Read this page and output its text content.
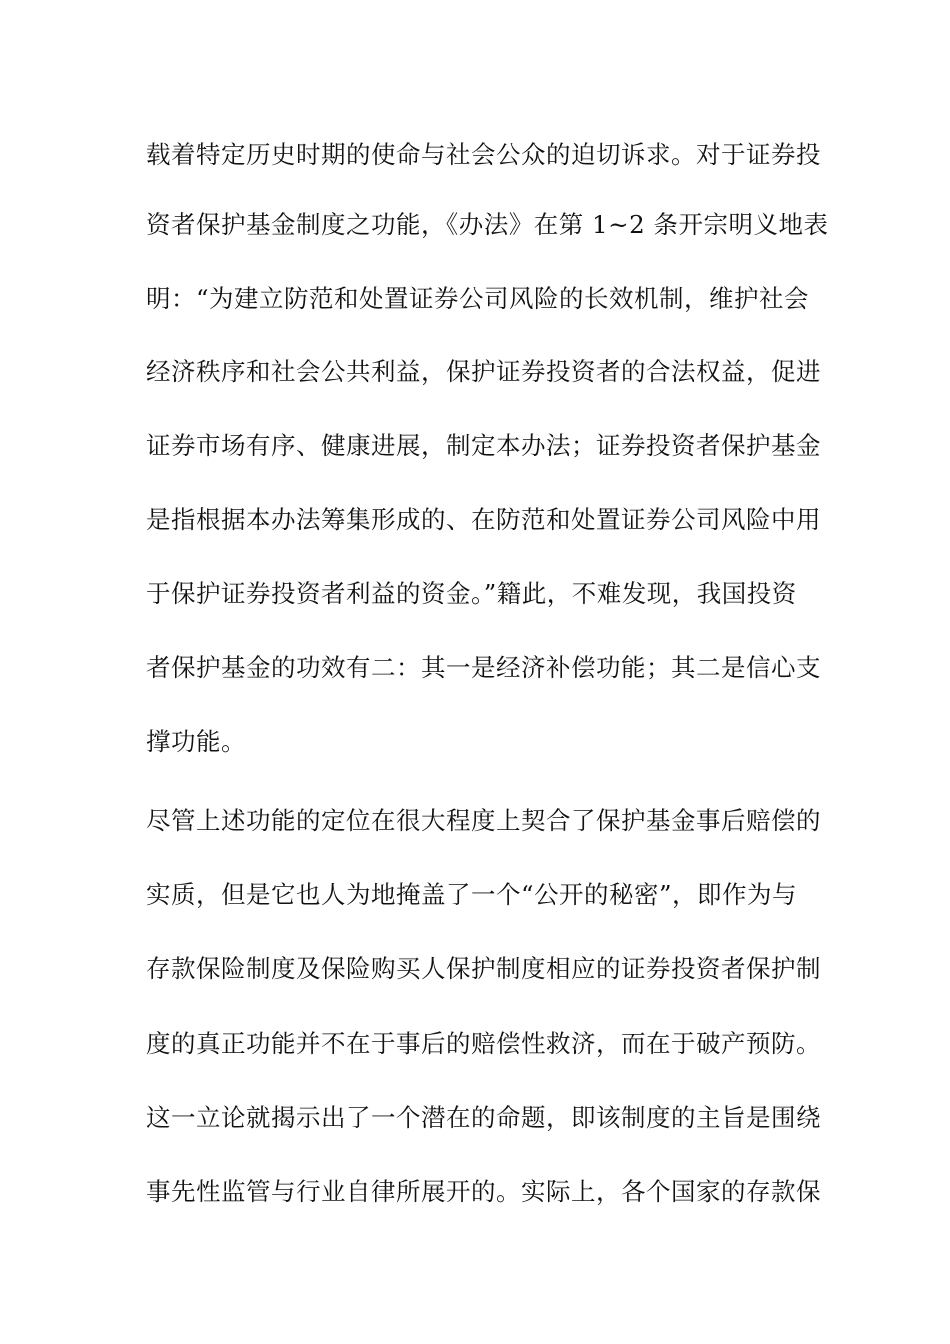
载着特定历史时期的使命与社会公众的迫切诉求。对于证券投
资者保护基金制度之功能，《办法》在第 1~2 条开宗明义地表
明：“为建立防范和处置证券公司风险的长效机制，维护社会
经济秩序和社会公共利益，保护证券投资者的合法权益，促进
证券市场有序、健康进展，制定本办法；证券投资者保护基金
是指根据本办法筹集形成的、在防范和处置证券公司风险中用
于保护证券投资者利益的资金。”籍此，不难发现，我国投资
者保护基金的功效有二：其一是经济补偿功能；其二是信心支
撑功能。
尽管上述功能的定位在很大程度上契合了保护基金事后赔偿的
实质，但是它也人为地掩盖了一个“公开的秘密”，即作为与
存款保险制度及保险购买人保护制度相应的证券投资者保护制
度的真正功能并不在于事后的赔偿性救济，而在于破产预防。
这一立论就揭示出了一个潜在的命题，即该制度的主旨是围绕
事先性监管与行业自律所展开的。实际上，各个国家的存款保
